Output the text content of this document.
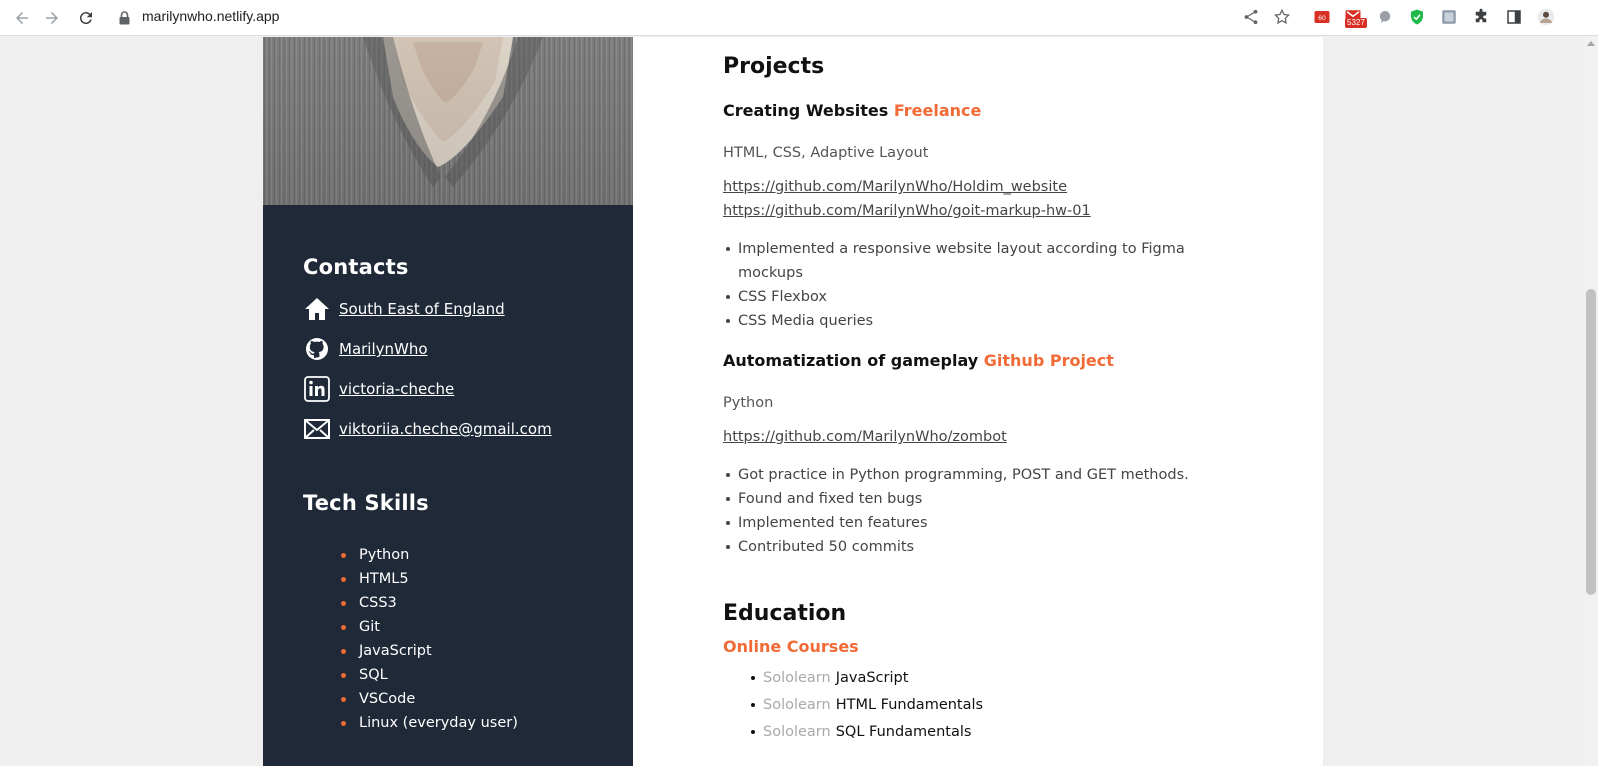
marilynwho.netlify.app	60	5327
Contacts
South East of England
MarilynWho
victoria-cheche
viktoriia.cheche@gmail.com
Tech Skills
Python
HTML5
CSS3
Git
JavaScript
SQL
VSCode
Linux (everyday user)
Projects
Creating Websites Freelance
HTML, CSS, Adaptive Layout
https://github.com/MarilynWho/Holdim_website
https://github.com/MarilynWho/goit-markup-hw-01
Implemented a responsive website layout according to Figma mockups
CSS Flexbox
CSS Media queries
Automatization of gameplay Github Project
Python
https://github.com/MarilynWho/zombot
Got practice in Python programming, POST and GET methods.
Found and fixed ten bugs
Implemented ten features
Contributed 50 commits
Education
Online Courses
Sololearn JavaScript
Sololearn HTML Fundamentals
Sololearn SQL Fundamentals
